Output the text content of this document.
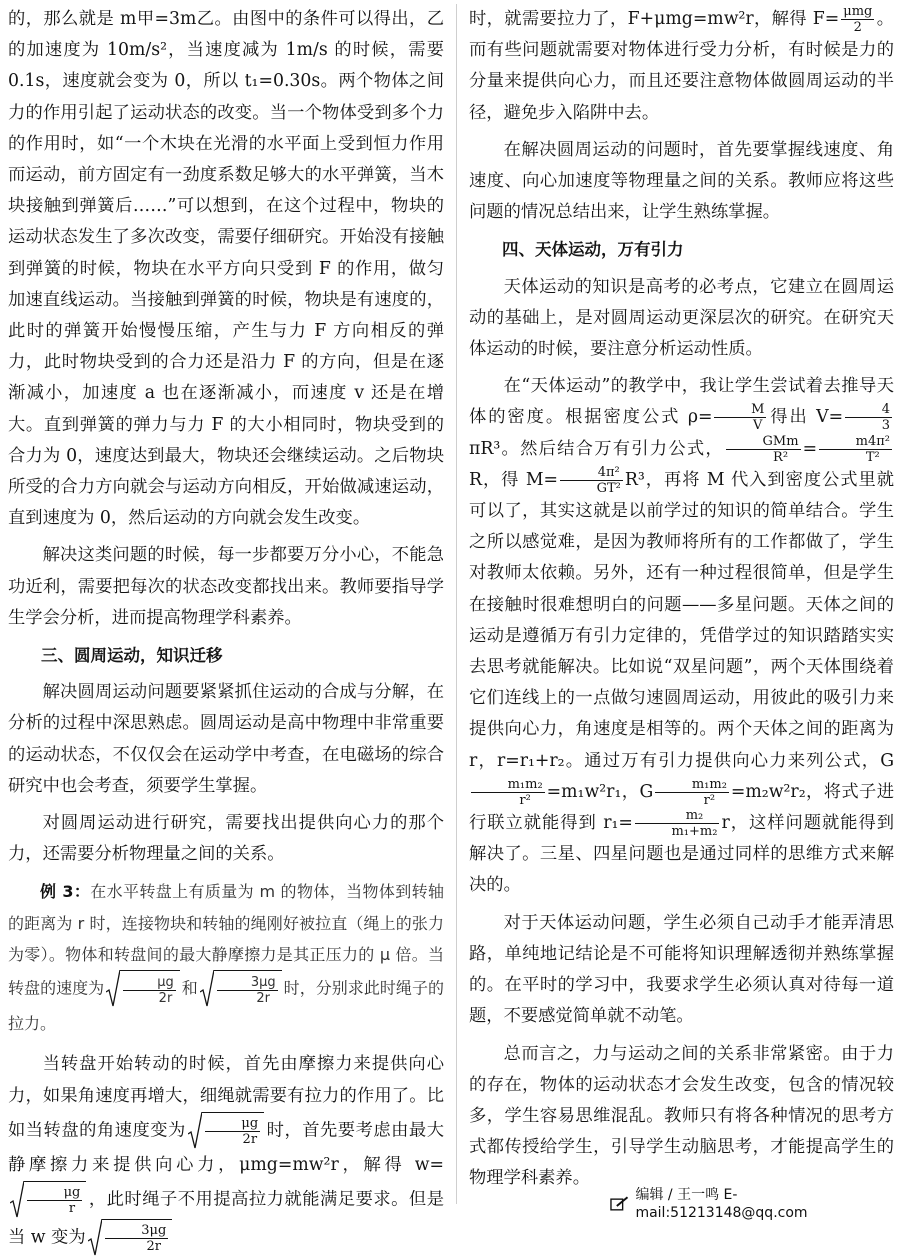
的，那么就是 m甲=3m乙。由图中的条件可以得出，乙的加速度为 10m/s²，当速度减为 1m/s 的时候，需要 0.1s，速度就会变为 0，所以 t₁=0.30s。两个物体之间力的作用引起了运动状态的改变。当一个物体受到多个力的作用时，如“一个木块在光滑的水平面上受到恒力作用而运动，前方固定有一劲度系数足够大的水平弹簧，当木块接触到弹簧后……”可以想到，在这个过程中，物块的运动状态发生了多次改变，需要仔细研究。开始没有接触到弹簧的时候，物块在水平方向只受到 F 的作用，做匀加速直线运动。当接触到弹簧的时候，物块是有速度的，此时的弹簧开始慢慢压缩，产生与力 F 方向相反的弹力，此时物块受到的合力还是沿力 F 的方向，但是在逐渐减小，加速度 a 也在逐渐减小，而速度 v 还是在增大。直到弹簧的弹力与力 F 的大小相同时，物块受到的合力为 0，速度达到最大，物块还会继续运动。之后物块所受的合力方向就会与运动方向相反，开始做减速运动，直到速度为 0，然后运动的方向就会发生改变。

解决这类问题的时候，每一步都要万分小心，不能急功近利，需要把每次的状态改变都找出来。教师要指导学生学会分析，进而提高物理学科素养。

三、圆周运动，知识迁移

解决圆周运动问题要紧紧抓住运动的合成与分解，在分析的过程中深思熟虑。圆周运动是高中物理中非常重要的运动状态，不仅仅会在运动学中考查，在电磁场的综合研究中也会考查，须要学生掌握。

对圆周运动进行研究，需要找出提供向心力的那个力，还需要分析物理量之间的关系。

例 3：在水平转盘上有质量为 m 的物体，当物体到转轴的距离为 r 时，连接物块和转轴的绳刚好被拉直（绳上的张力为零）。物体和转盘间的最大静摩擦力是其正压力的 μ 倍。当转盘的速度为 $\frac{\mu g}{2r}$ 和 $\frac{3\mu g}{2r}$ 时，分别求此时绳子的拉力。

当转盘开始转动的时候，首先由摩擦力来提供向心力，如果角速度再增大，细绳就需要有拉力的作用了。比如当转盘的角速度变为 $\frac{\mu g}{2r}$ 时，首先要考虑由最大静摩擦力来提供向心力，μmg=mw²r，解得 w=
$\frac{\mu g}{r}$ ，此时绳子不用提高拉力就能满足要求。但是当 w 变为 $\frac{3\mu g}{2r}$

时，就需要拉力了，F+μmg=mw²r，解得 $F= \frac{\text{μmg}}{2}$ 。而有些问题就需要对物体进行受力分析，有时候是力的分量来提供向心力，而且还要注意物体做圆周运动的半径，避免步入陷阱中去。

在解决圆周运动的问题时，首先要掌握线速度、角速度、向心加速度等物理量之间的关系。教师应将这些问题的情况总结出来，让学生熟练掌握。

四、天体运动，万有引力

天体运动的知识是高考的必考点，它建立在圆周运动的基础上，是对圆周运动更深层次的研究。在研究天体运动的时候，要注意分析运动性质。

在“天体运动”的教学中，我让学生尝试着去推导天体的密度。根据密度公式 $\rho= \frac{M}{V}$ 得出 $V= \frac{4}{3}$
πR³。然后结合万有引力公式， $\frac{\text{GMm}}{\text{R²}} = \frac{\text{m4π²}}{\text{T²}}$
R，得 $M= \frac{\text{4π²}}{\text{GT²}} R^3$，再将 M 代入到密度公式里就可以了，其实这就是以前学过的知识的简单结合。学生之所以感觉难，是因为教师将所有的工作都做了，学生对教师太依赖。另外，还有一种过程很简单，但是学生在接触时很难想明白的问题——多星问题。天体之间的运动是遵循万有引力定律的，凭借学过的知识踏踏实实去思考就能解决。比如说“双星问题”，两个天体围绕着它们连线上的一点做匀速圆周运动，用彼此的吸引力来提供向心力，角速度是相等的。两个天体之间的距离为 r，r=r₁+r₂。通过万有引力提供向心力来列公式，G
$\frac{\text{m₁m₂}}{\text{r²}} =m_1w^2r_1$，G $\frac{\text{m₁m₂}}{\text{r²}} =m_2w^2r_2$，将式子进行联立就能得到 $r_1= \frac{\text{m₂}}{\text{m₁+m₂}}$ r，这样问题就能得到解决了。三星、四星问题也是通过同样的思维方式来解决的。

对于天体运动问题，学生必须自己动手才能弄清思路，单纯地记结论是不可能将知识理解透彻并熟练掌握的。在平时的学习中，我要求学生必须认真对待每一道题，不要感觉简单就不动笔。

总而言之，力与运动之间的关系非常紧密。由于力的存在，物体的运动状态才会发生改变，包含的情况较多，学生容易思维混乱。教师只有将各种情况的思考方式都传授给学生，引导学生动脑思考，才能提高学生的物理学科素养。

编辑 / 王一鸣 E-mail:51213148@qq.com
